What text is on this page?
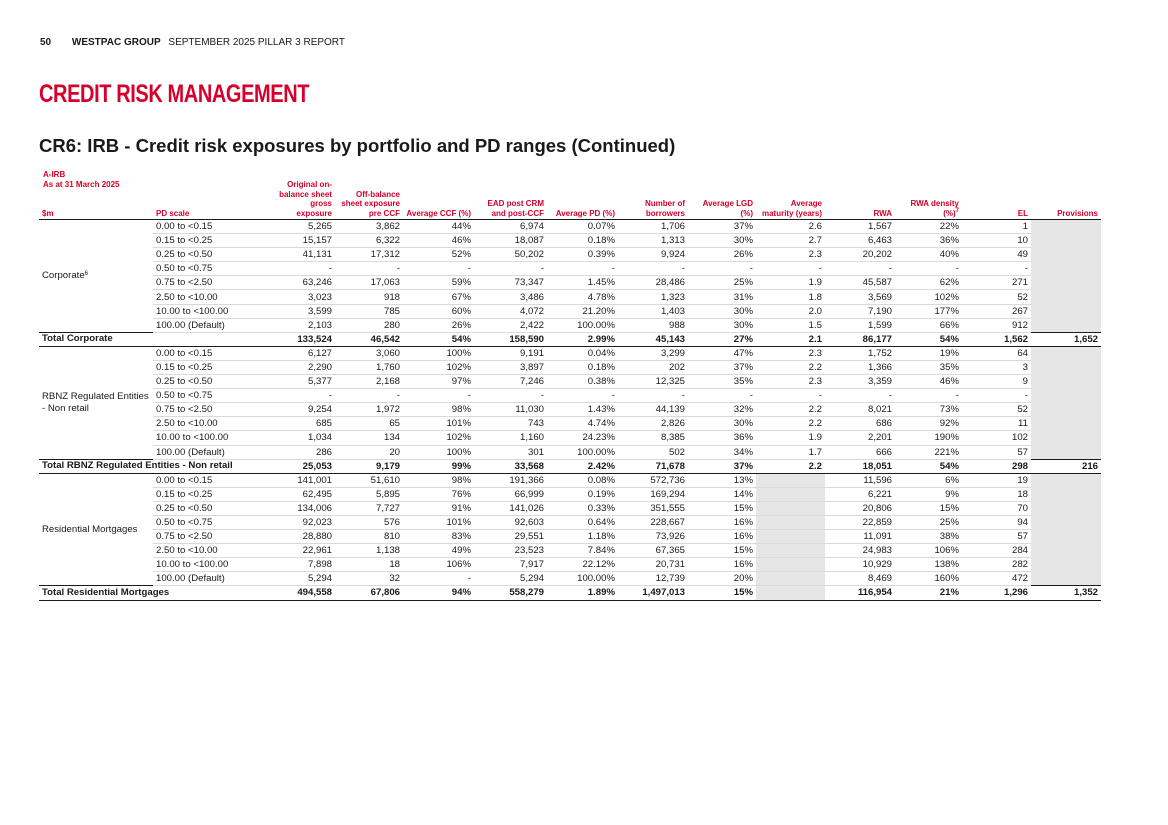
50 WESTPAC GROUP SEPTEMBER 2025 PILLAR 3 REPORT
CREDIT RISK MANAGEMENT
CR6: IRB - Credit risk exposures by portfolio and PD ranges (Continued)
A-IRB
As at 31 March 2025
$m	PD scale	Original on-balance sheet gross exposure	Off-balance sheet exposure pre CCF	Average CCF (%)	EAD post CRM and post-CCF	Average PD (%)	Number of borrowers	Average LGD (%)	Average maturity (years)	RWA	RWA density (%)$^7$	EL	Provisions
Corporate$^6$	0.00 to <0.15	5,265	3,862	44%	6,974	0.07%	1,706	37%	2.6	1,567	22%	1	
	0.15 to <0.25	15,157	6,322	46%	18,087	0.18%	1,313	30%	2.7	6,463	36%	10	
	0.25 to <0.50	41,131	17,312	52%	50,202	0.39%	9,924	26%	2.3	20,202	40%	49	
	0.50 to <0.75	-	-	-	-	-	-	-	-	-	-	-	
	0.75 to <2.50	63,246	17,063	59%	73,347	1.45%	28,486	25%	1.9	45,587	62%	271	
	2.50 to <10.00	3,023	918	67%	3,486	4.78%	1,323	31%	1.8	3,569	102%	52	
	10.00 to <100.00	3,599	785	60%	4,072	21.20%	1,403	30%	2.0	7,190	177%	267	
	100.00 (Default)	2,103	280	26%	2,422	100.00%	988	30%	1.5	1,599	66%	912	
Total Corporate		133,524	46,542	54%	158,590	2.99%	45,143	27%	2.1	86,177	54%	1,562	1,652
RBNZ Regulated Entities - Non retail	0.00 to <0.15	6,127	3,060	100%	9,191	0.04%	3,299	47%	2.3	1,752	19%	64	
	0.15 to <0.25	2,290	1,760	102%	3,897	0.18%	202	37%	2.2	1,366	35%	3	
	0.25 to <0.50	5,377	2,168	97%	7,246	0.38%	12,325	35%	2.3	3,359	46%	9	
	0.50 to <0.75	-	-	-	-	-	-	-	-	-	-	-	
	0.75 to <2.50	9,254	1,972	98%	11,030	1.43%	44,139	32%	2.2	8,021	73%	52	
	2.50 to <10.00	685	65	101%	743	4.74%	2,826	30%	2.2	686	92%	11	
	10.00 to <100.00	1,034	134	102%	1,160	24.23%	8,385	36%	1.9	2,201	190%	102	
	100.00 (Default)	286	20	100%	301	100.00%	502	34%	1.7	666	221%	57	
Total RBNZ Regulated Entities - Non retail		25,053	9,179	99%	33,568	2.42%	71,678	37%	2.2	18,051	54%	298	216
Residential Mortgages	0.00 to <0.15	141,001	51,610	98%	191,366	0.08%	572,736	13%		11,596	6%	19	
	0.15 to <0.25	62,495	5,895	76%	66,999	0.19%	169,294	14%		6,221	9%	18	
	0.25 to <0.50	134,006	7,727	91%	141,026	0.33%	351,555	15%		20,806	15%	70	
	0.50 to <0.75	92,023	576	101%	92,603	0.64%	228,667	16%		22,859	25%	94	
	0.75 to <2.50	28,880	810	83%	29,551	1.18%	73,926	16%		11,091	38%	57	
	2.50 to <10.00	22,961	1,138	49%	23,523	7.84%	67,365	15%		24,983	106%	284	
	10.00 to <100.00	7,898	18	106%	7,917	22.12%	20,731	16%		10,929	138%	282	
	100.00 (Default)	5,294	32	-	5,294	100.00%	12,739	20%		8,469	160%	472	
Total Residential Mortgages		494,558	67,806	94%	558,279	1.89%	1,497,013	15%		116,954	21%	1,296	1,352
